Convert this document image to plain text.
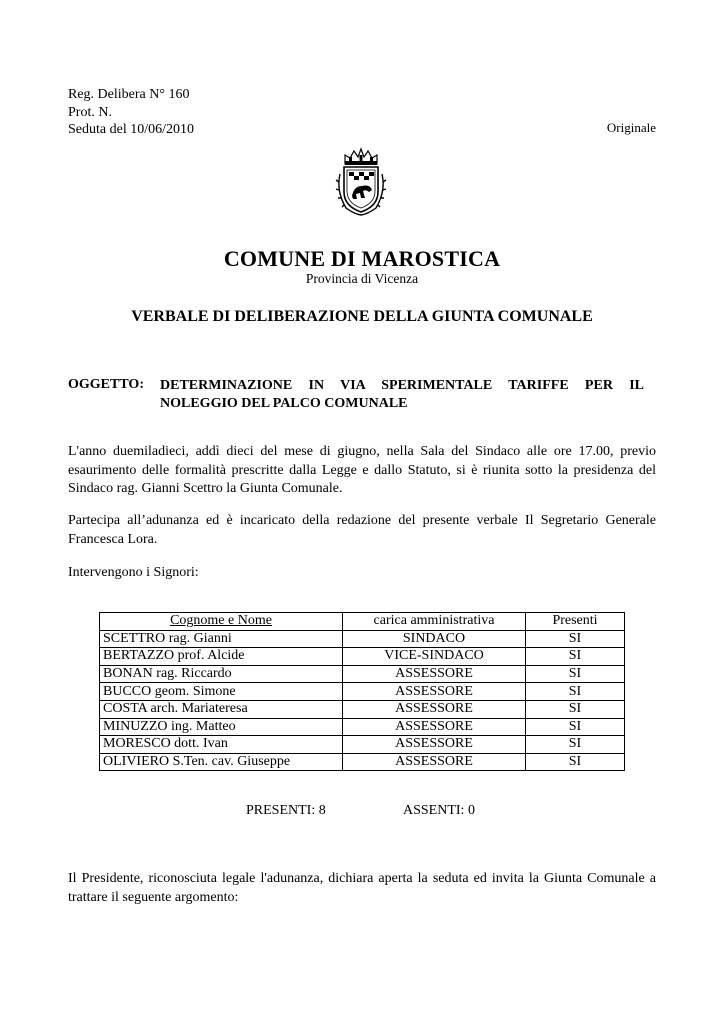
Reg. Delibera N° 160
Prot. N.
Seduta del 10/06/2010	Originale
COMUNE DI MAROSTICA
Provincia di Vicenza
VERBALE DI DELIBERAZIONE DELLA GIUNTA COMUNALE
OGGETTO: DETERMINAZIONE IN VIA SPERIMENTALE TARIFFE PER IL
NOLEGGIO DEL PALCO COMUNALE
L'anno duemiladieci, addì dieci del mese di giugno, nella Sala del Sindaco alle ore 17.00, previo esaurimento delle formalità prescritte dalla Legge e dallo Statuto, si è riunita sotto la presidenza del Sindaco rag. Gianni Scettro la Giunta Comunale.
Partecipa all’adunanza ed è incaricato della redazione del presente verbale Il Segretario Generale Francesca Lora.
Intervengono i Signori:
Cognome e Nome	carica amministrativa	Presenti
SCETTRO rag. Gianni	SINDACO	SI
BERTAZZO prof. Alcide	VICE-SINDACO	SI
BONAN rag. Riccardo	ASSESSORE	SI
BUCCO geom. Simone	ASSESSORE	SI
COSTA arch. Mariateresa	ASSESSORE	SI
MINUZZO ing. Matteo	ASSESSORE	SI
MORESCO dott. Ivan	ASSESSORE	SI
OLIVIERO S.Ten. cav. Giuseppe	ASSESSORE	SI
PRESENTI: 8	ASSENTI: 0
Il Presidente, riconosciuta legale l'adunanza, dichiara aperta la seduta ed invita la Giunta Comunale a trattare il seguente argomento:
